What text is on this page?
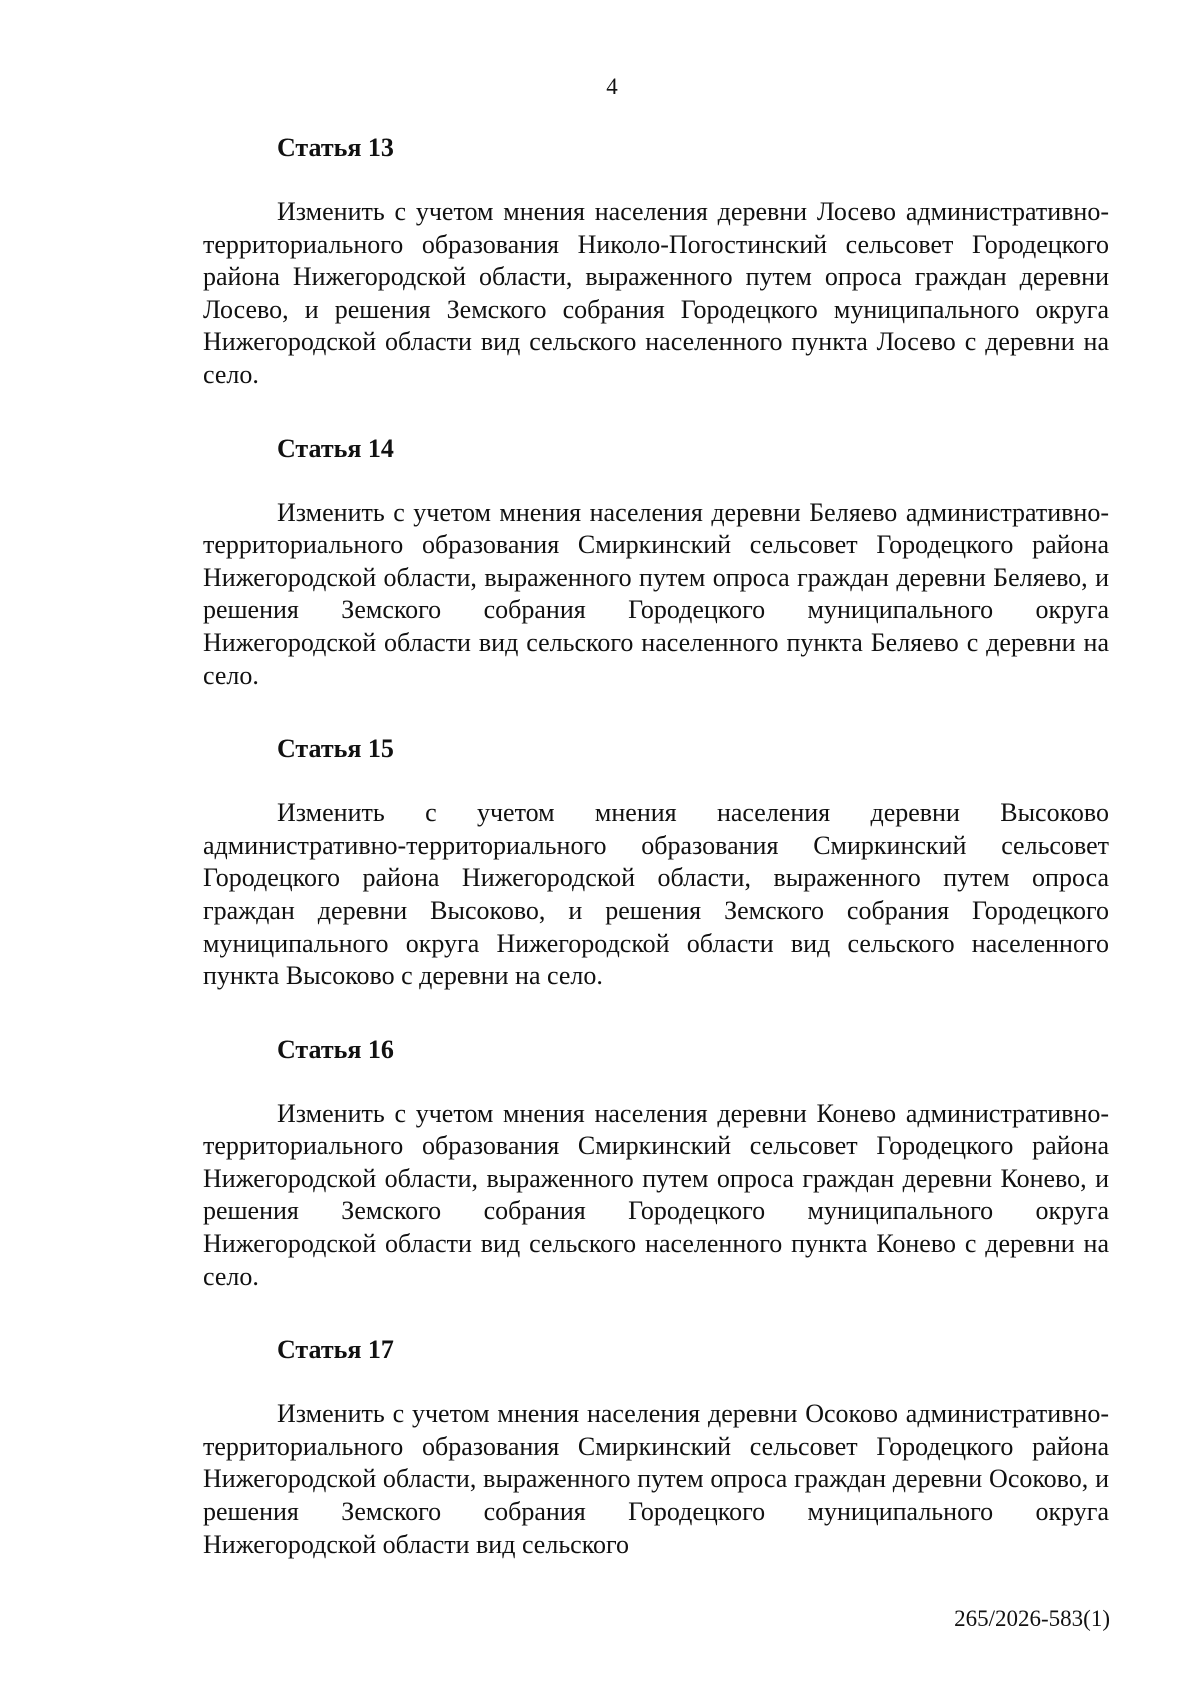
4
Статья 13

Изменить с учетом мнения населения деревни Лосево административно-территориального образования Николо-Погостинский сельсовет Городецкого района Нижегородской области, выраженного путем опроса граждан деревни Лосево, и решения Земского собрания Городецкого муниципального округа Нижегородской области вид сельского населенного пункта Лосево с деревни на село.

Статья 14

Изменить с учетом мнения населения деревни Беляево административно-территориального образования Смиркинский сельсовет Городецкого района Нижегородской области, выраженного путем опроса граждан деревни Беляево, и решения Земского собрания Городецкого муниципального округа Нижегородской области вид сельского населенного пункта Беляево с деревни на село.

Статья 15

Изменить с учетом мнения населения деревни Высоково административно-территориального образования Смиркинский сельсовет Городецкого района Нижегородской области, выраженного путем опроса граждан деревни Высоково, и решения Земского собрания Городецкого муниципального округа Нижегородской области вид сельского населенного пункта Высоково с деревни на село.

Статья 16

Изменить с учетом мнения населения деревни Конево административно-территориального образования Смиркинский сельсовет Городецкого района Нижегородской области, выраженного путем опроса граждан деревни Конево, и решения Земского собрания Городецкого муниципального округа Нижегородской области вид сельского населенного пункта Конево с деревни на село.

Статья 17

Изменить с учетом мнения населения деревни Осоково административно-территориального образования Смиркинский сельсовет Городецкого района Нижегородской области, выраженного путем опроса граждан деревни Осоково, и решения Земского собрания Городецкого муниципального округа Нижегородской области вид сельского

265/2026-583(1)
